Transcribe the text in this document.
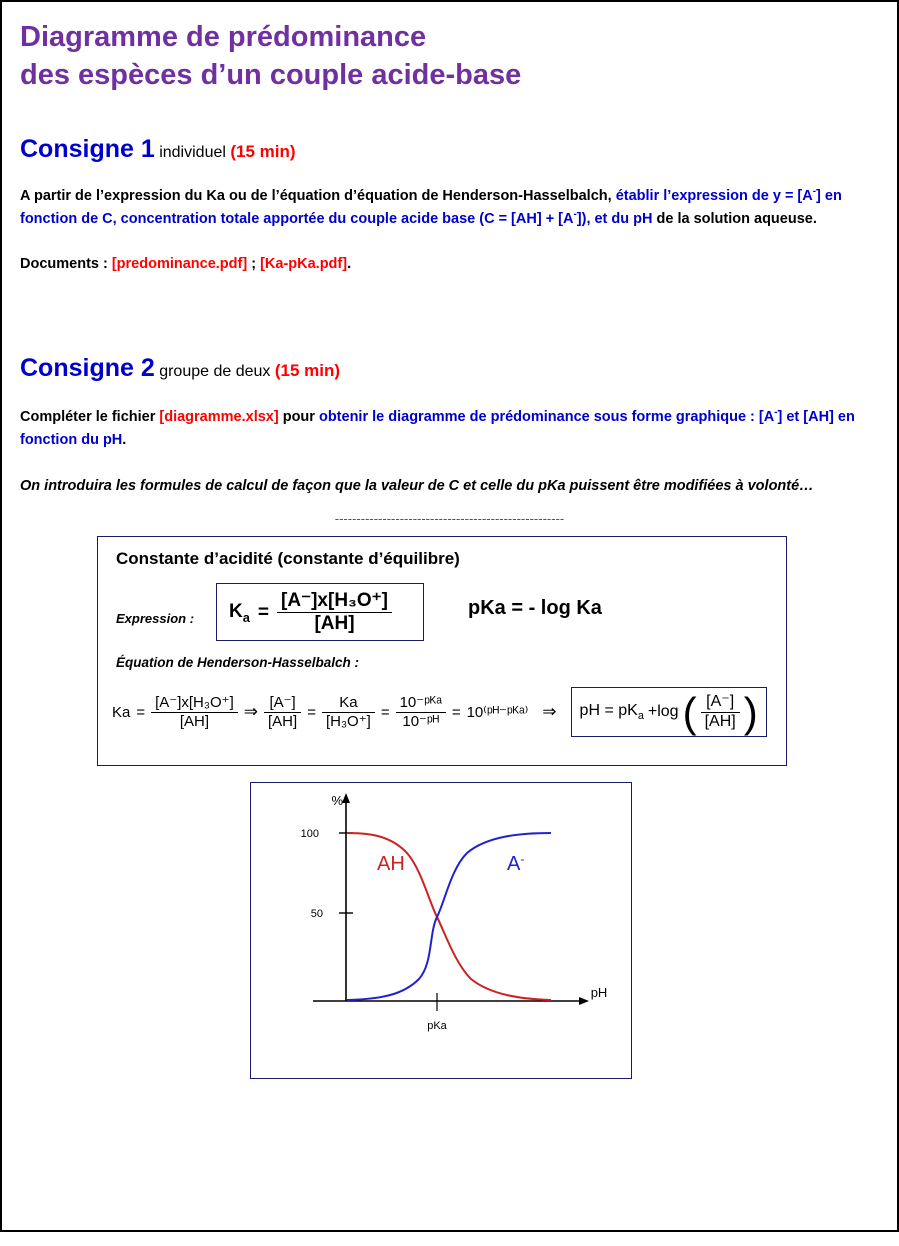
Diagramme de prédominance
des espèces d’un couple acide-base
Consigne 1 individuel (15 min)
A partir de l’expression du Ka ou de l’équation d’équation de Henderson-Hasselbalch, établir l’expression de y = [A-] en fonction de C, concentration totale apportée du couple acide base (C = [AH] + [A-]), et du pH de la solution aqueuse.
Documents : [predominance.pdf] ; [Ka-pKa.pdf].
Consigne 2 groupe de deux (15 min)
Compléter le fichier [diagramme.xlsx] pour obtenir le diagramme de prédominance sous forme graphique : [A-] et [AH] en fonction du pH.
On introduira les formules de calcul de façon que la valeur de C et celle du pKa puissent être modifiées à volonté…
-----------------------------------------------------
Constante d’acidité (constante d’équilibre)
Expression : $K_a = \frac{\text{[A⁻]x[H₃O⁺]}}{[AH]}$	pKa = - log Ka
Équation de Henderson-Hasselbalch :
$Ka = \frac{\text{[A⁻]x[H₃O⁺]}}{[AH]}$ ⇒ $\frac{[A^-]}{[AH]} = \frac{Ka}{\text{[H₃O⁺]}} = \frac{\text{10⁻ᵖᴷᵃ}}{\text{10⁻ᵖᴴ}}$ = 10⁽ᵖᴴ⁻ᵖᴷᵃ⁾ ⇒ pH = $pK_a +\log$ ( $\frac{[A^-]}{[AH]}$ )
100
50
%
pKa
pH
AH	A-
